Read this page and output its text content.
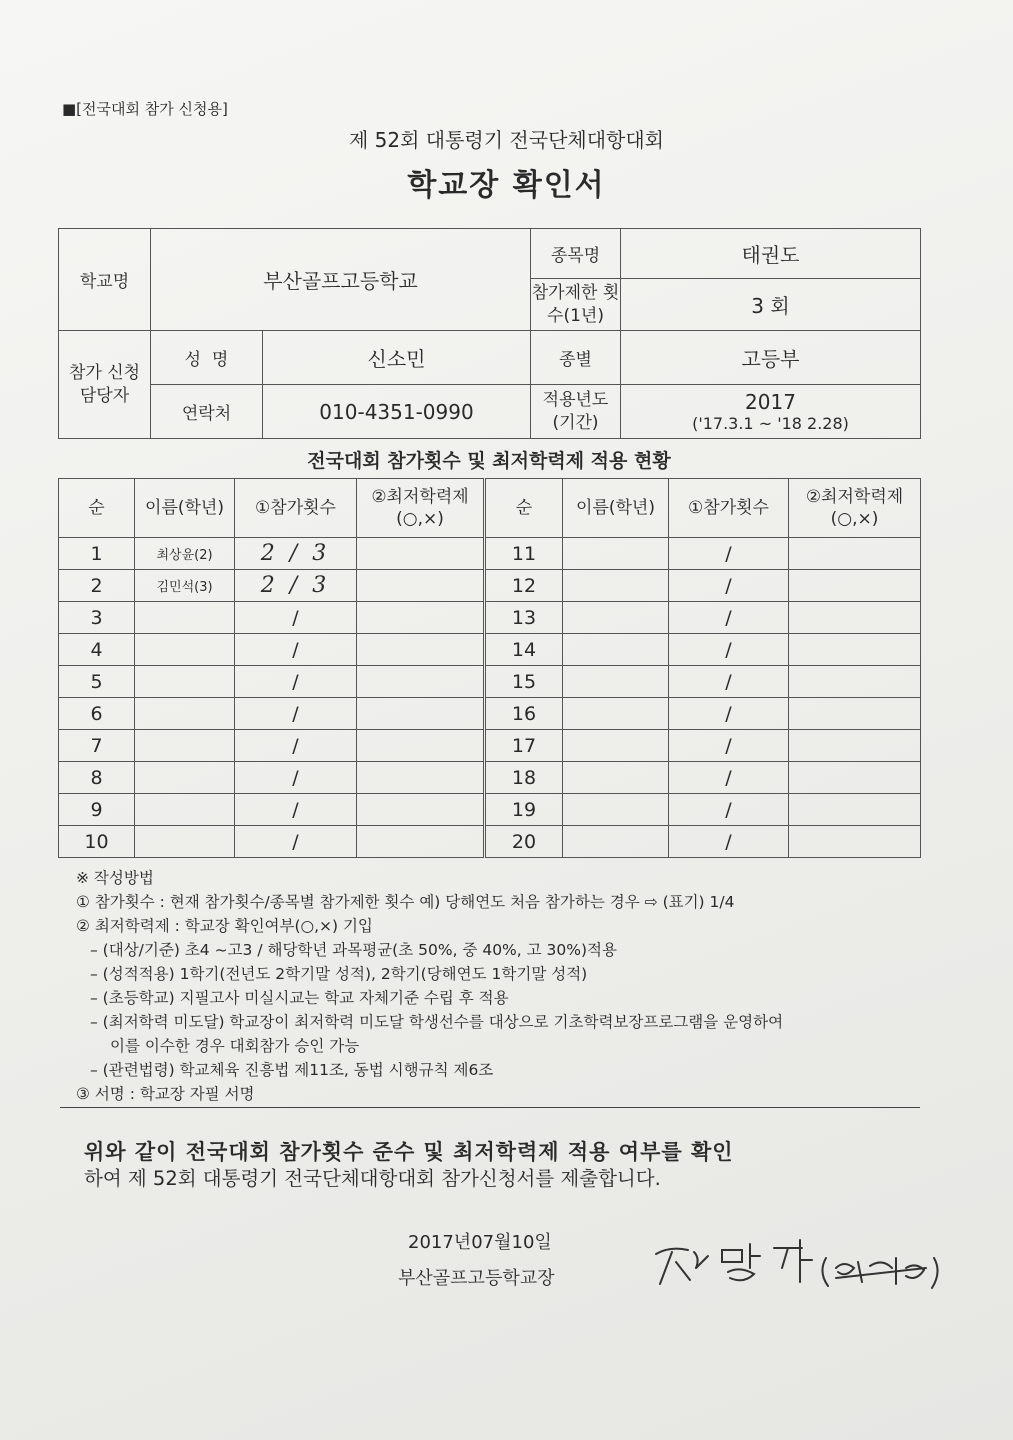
■[전국대회 참가 신청용]
제 52회 대통령기 전국단체대항대회
학교장 확인서
학교명	부산골프고등학교		종목명	태권도
			참가제한 횟수(1년)	3 회
참가 신청 담당자	성  명	신소민	종별	고등부
	연락처	010-4351-0990	적용년도 (기간)	2017
('17.3.1 ~ '18 2.28)
전국대회 참가횟수 및 최저학력제 적용 현황
순	이름(학년)	①참가횟수	②최저학력제 (○,×)	순	이름(학년)	①참가횟수	②최저학력제 (○,×)
1	최상윤(2)	2 / 3		11		/	
2	김민석(3)	2 / 3		12		/	
3		/		13		/	
4		/		14		/	
5		/		15		/	
6		/		16		/	
7		/		17		/	
8		/		18		/	
9		/		19		/	
10		/		20		/	
※ 작성방법
① 참가횟수 : 현재 참가횟수/종목별 참가제한 횟수 예) 당해연도 처음 참가하는 경우 ⇨ (표기) 1/4
② 최저학력제 : 학교장 확인여부(○,×) 기입
– (대상/기준) 초4 ~고3 / 해당학년 과목평균(초 50%, 중 40%, 고 30%)적용
– (성적적용) 1학기(전년도 2학기말 성적), 2학기(당해연도 1학기말 성적)
– (초등학교) 지필고사 미실시교는 학교 자체기준 수립 후 적용
– (최저학력 미도달) 학교장이 최저학력 미도달 학생선수를 대상으로 기초학력보장프로그램을 운영하여
이를 이수한 경우 대회참가 승인 가능
– (관련법령) 학교체육 진흥법 제11조, 동법 시행규칙 제6조
③ 서명 : 학교장 자필 서명
위와 같이 전국대회 참가횟수 준수 및 최저학력제 적용 여부를 확인
하여 제 52회 대통령기 전국단체대항대회 참가신청서를 제출합니다.
2017년07월10일
부산골프고등학교장
